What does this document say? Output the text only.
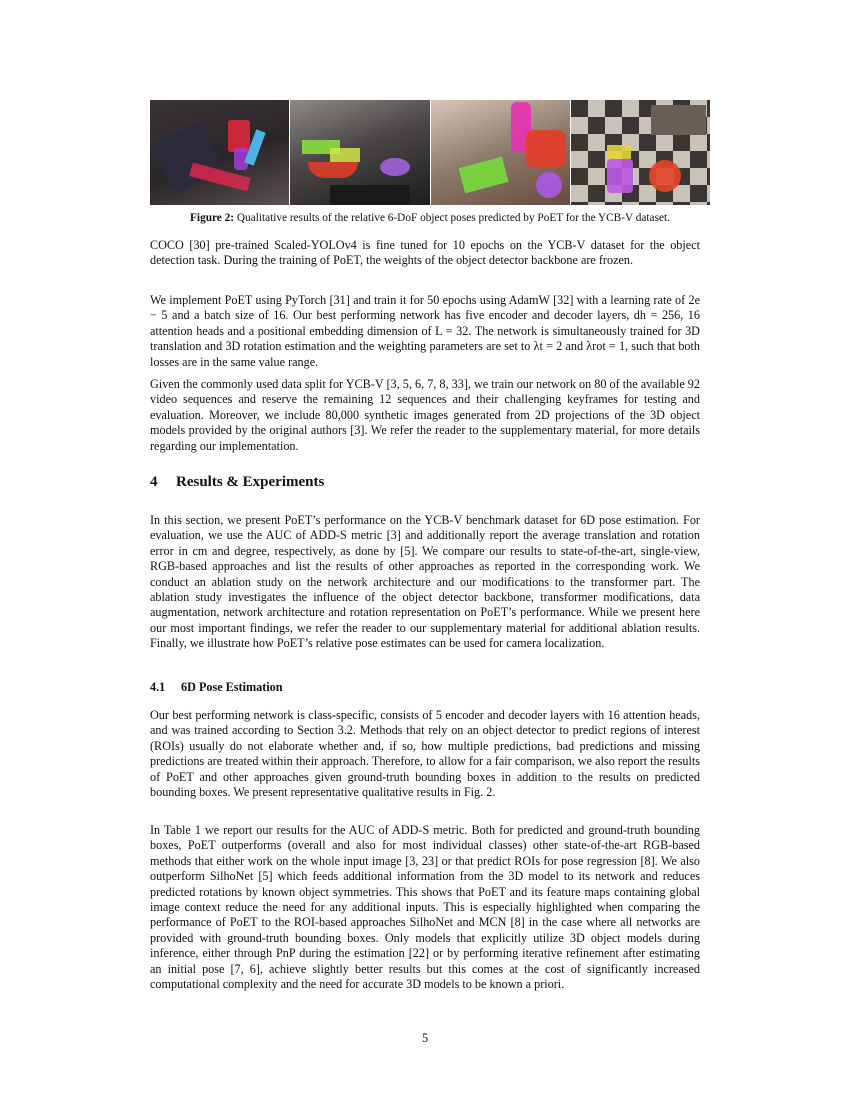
Figure 2: Qualitative results of the relative 6-DoF object poses predicted by PoET for the YCB-V dataset.

COCO [30] pre-trained Scaled-YOLOv4 is fine tuned for 10 epochs on the YCB-V dataset for the object detection task. During the training of PoET, the weights of the object detector backbone are frozen.

We implement PoET using PyTorch [31] and train it for 50 epochs using AdamW [32] with a learning rate of 2e − 5 and a batch size of 16. Our best performing network has five encoder and decoder layers, dh = 256, 16 attention heads and a positional embedding dimension of L = 32. The network is simultaneously trained for 3D translation and 3D rotation estimation and the weighting parameters are set to λt = 2 and λrot = 1, such that both losses are in the same value range.

Given the commonly used data split for YCB-V [3, 5, 6, 7, 8, 33], we train our network on 80 of the available 92 video sequences and reserve the remaining 12 sequences and their challenging keyframes for testing and evaluation. Moreover, we include 80,000 synthetic images generated from 2D projections of the 3D object models provided by the original authors [3]. We refer the reader to the supplementary material, for more details regarding our implementation.

4 Results & Experiments

In this section, we present PoET’s performance on the YCB-V benchmark dataset for 6D pose estimation. For evaluation, we use the AUC of ADD-S metric [3] and additionally report the average translation and rotation error in cm and degree, respectively, as done by [5]. We compare our results to state-of-the-art, single-view, RGB-based approaches and list the results of other approaches as reported in the corresponding work. We conduct an ablation study on the network architecture and our modifications to the transformer part. The ablation study investigates the influence of the object detector backbone, transformer modifications, data augmentation, network architecture and rotation representation on PoET’s performance. While we present here our most important findings, we refer the reader to our supplementary material for additional ablation results. Finally, we illustrate how PoET’s relative pose estimates can be used for camera localization.

4.1 6D Pose Estimation

Our best performing network is class-specific, consists of 5 encoder and decoder layers with 16 attention heads, and was trained according to Section 3.2. Methods that rely on an object detector to predict regions of interest (ROIs) usually do not elaborate whether and, if so, how multiple predictions, bad predictions and missing predictions are treated within their approach. Therefore, to allow for a fair comparison, we also report the results of PoET and other approaches given ground-truth bounding boxes in addition to the results on predicted bounding boxes. We present representative qualitative results in Fig. 2.

In Table 1 we report our results for the AUC of ADD-S metric. Both for predicted and ground-truth bounding boxes, PoET outperforms (overall and also for most individual classes) other state-of-the-art RGB-based methods that either work on the whole input image [3, 23] or that predict ROIs for pose regression [8]. We also outperform SilhoNet [5] which feeds additional information from the 3D model to its network and reduces predicted rotations by known object symmetries. This shows that PoET and its feature maps containing global image context reduce the need for any additional inputs. This is especially highlighted when comparing the performance of PoET to the ROI-based approaches SilhoNet and MCN [8] in the case where all networks are provided with ground-truth bounding boxes. Only models that explicitly utilize 3D object models during inference, either through PnP during the estimation [22] or by performing iterative refinement after estimating an initial pose [7, 6], achieve slightly better results but this comes at the cost of significantly increased computational complexity and the need for accurate 3D models to be known a priori.

5
